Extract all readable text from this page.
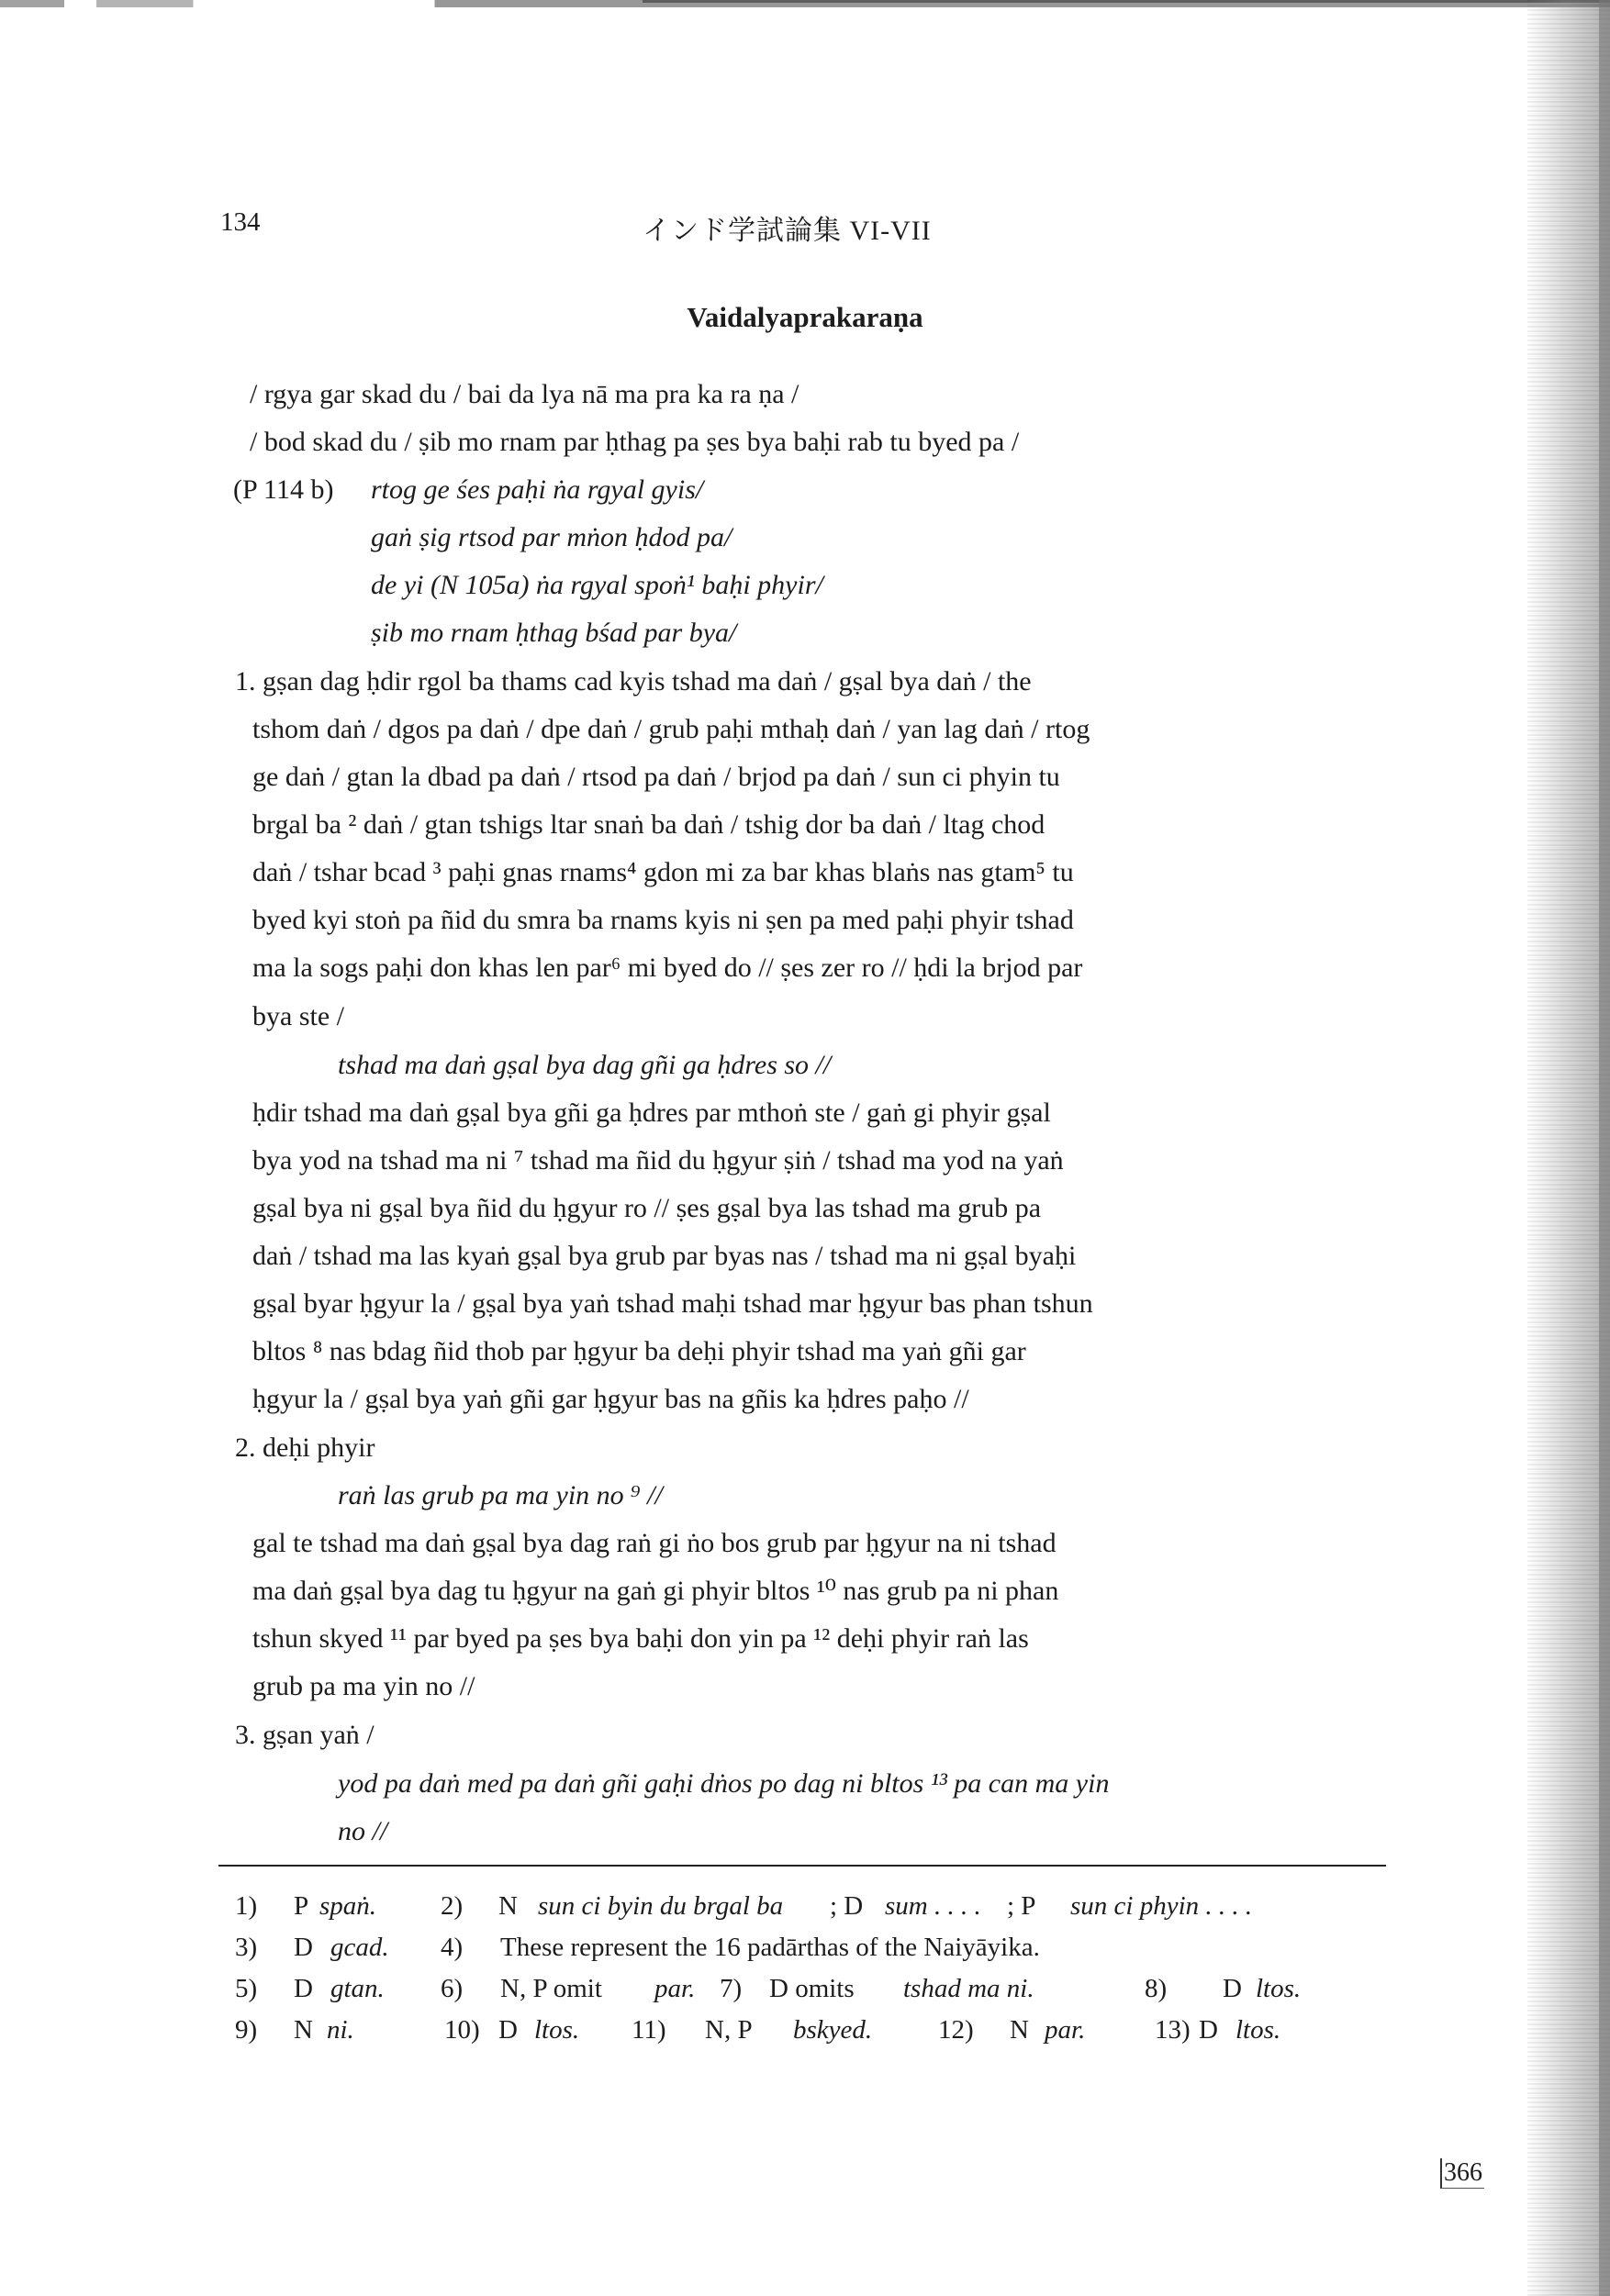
134	インド学試論集 VI-VII
Vaidalyaprakaraṇa
/ rgya gar skad du / bai da lya nā ma pra ka ra ṇa /
/ bod skad du / ṣib mo rnam par ḥthag pa ṣes bya baḥi rab tu byed pa /
(P 114 b) rtog ge śes paḥi ṅa rgyal gyis/
gaṅ ṣig rtsod par mṅon ḥdod pa/
de yi (N 105a) ṅa rgyal spoṅ¹ baḥi phyir/
ṣib mo rnam ḥthag bśad par bya/
1. gṣan dag ḥdir rgol ba thams cad kyis tshad ma daṅ / gṣal bya daṅ / the
tshom daṅ / dgos pa daṅ / dpe daṅ / grub paḥi mthaḥ daṅ / yan lag daṅ / rtog
ge daṅ / gtan la dbad pa daṅ / rtsod pa daṅ / brjod pa daṅ / sun ci phyin tu
brgal ba ² daṅ / gtan tshigs ltar snaṅ ba daṅ / tshig dor ba daṅ / ltag chod
daṅ / tshar bcad ³ paḥi gnas rnams⁴ gdon mi za bar khas blaṅs nas gtam⁵ tu
byed kyi stoṅ pa ñid du smra ba rnams kyis ni ṣen pa med paḥi phyir tshad
ma la sogs paḥi don khas len par⁶ mi byed do // ṣes zer ro // ḥdi la brjod par
bya ste /
tshad ma daṅ gṣal bya dag gñi ga ḥdres so //
ḥdir tshad ma daṅ gṣal bya gñi ga ḥdres par mthoṅ ste / gaṅ gi phyir gṣal
bya yod na tshad ma ni ⁷ tshad ma ñid du ḥgyur ṣiṅ / tshad ma yod na yaṅ
gṣal bya ni gṣal bya ñid du ḥgyur ro // ṣes gṣal bya las tshad ma grub pa
daṅ / tshad ma las kyaṅ gṣal bya grub par byas nas / tshad ma ni gṣal byaḥi
gṣal byar ḥgyur la / gṣal bya yaṅ tshad maḥi tshad mar ḥgyur bas phan tshun
bltos ⁸ nas bdag ñid thob par ḥgyur ba deḥi phyir tshad ma yaṅ gñi gar
ḥgyur la / gṣal bya yaṅ gñi gar ḥgyur bas na gñis ka ḥdres paḥo //
2. deḥi phyir
raṅ las grub pa ma yin no ⁹ //
gal te tshad ma daṅ gṣal bya dag raṅ gi ṅo bos grub par ḥgyur na ni tshad
ma daṅ gṣal bya dag tu ḥgyur na gaṅ gi phyir bltos ¹⁰ nas grub pa ni phan
tshun skyed ¹¹ par byed pa ṣes bya baḥi don yin pa ¹² deḥi phyir raṅ las
grub pa ma yin no //
3. gṣan yaṅ /
yod pa daṅ med pa daṅ gñi gaḥi dṅos po dag ni bltos ¹³ pa can ma yin
no //
1) P spaṅ. 2) N sun ci byin du brgal ba ; D sum . . . . ; P sun ci phyin . . . .
3) D gcad. 4) These represent the 16 padārthas of the Naiyāyika.
5) D gtan. 6) N, P omit par. 7) D omits tshad ma ni.	8) D ltos.
9) N ni.	10) D ltos. 11) N, P bskyed. 12) N par.	13) D ltos.
366
